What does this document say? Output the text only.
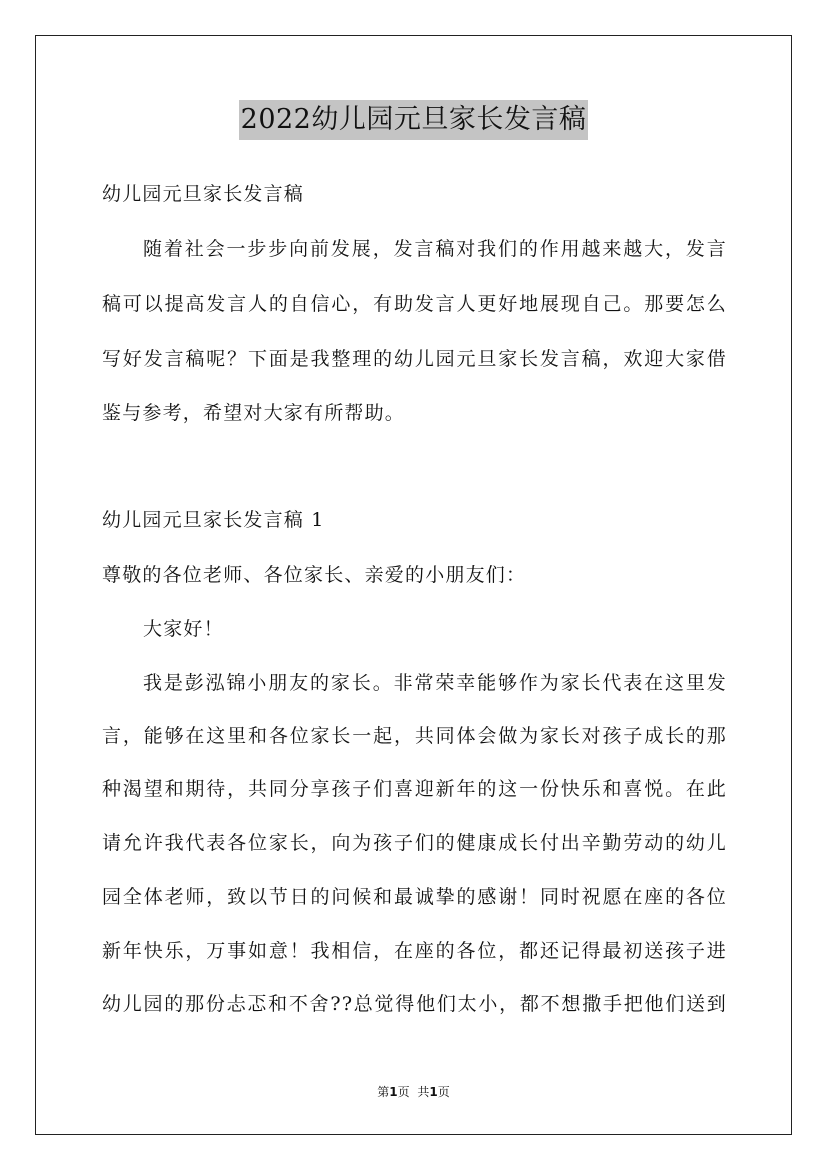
2022幼儿园元旦家长发言稿
幼儿园元旦家长发言稿
随着社会一步步向前发展，发言稿对我们的作用越来越大，发言
稿可以提高发言人的自信心，有助发言人更好地展现自己。那要怎么
写好发言稿呢？下面是我整理的幼儿园元旦家长发言稿，欢迎大家借
鉴与参考，希望对大家有所帮助。
幼儿园元旦家长发言稿 1
尊敬的各位老师、各位家长、亲爱的小朋友们：
大家好！
我是彭泓锦小朋友的家长。非常荣幸能够作为家长代表在这里发
言，能够在这里和各位家长一起，共同体会做为家长对孩子成长的那
种渴望和期待，共同分享孩子们喜迎新年的这一份快乐和喜悦。在此
请允许我代表各位家长，向为孩子们的健康成长付出辛勤劳动的幼儿
园全体老师，致以节日的问候和最诚挚的感谢！同时祝愿在座的各位
新年快乐，万事如意！我相信，在座的各位，都还记得最初送孩子进
幼儿园的那份忐忑和不舍??总觉得他们太小，都不想撒手把他们送到
第1页 共1页
